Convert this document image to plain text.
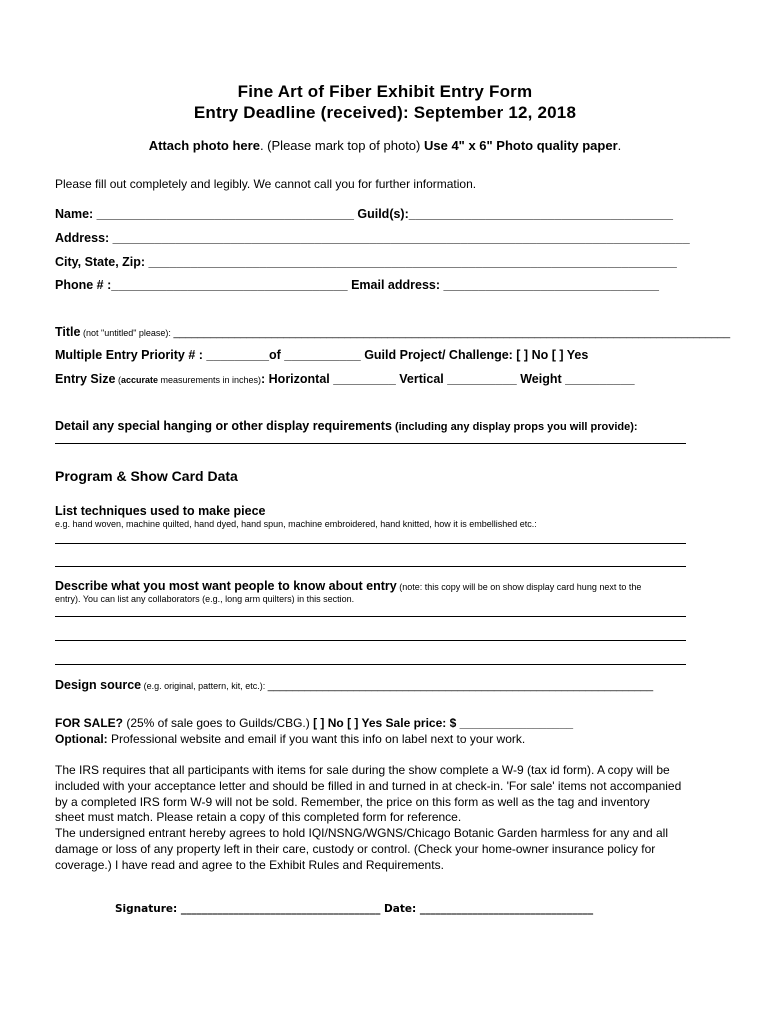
Fine Art of Fiber Exhibit Entry Form
Entry Deadline (received): September 12, 2018
Attach photo here. (Please mark top of photo) Use 4" x 6" Photo quality paper.
Please fill out completely and legibly. We cannot call you for further information.
Name: _____________________________________ Guild(s):______________________________________
Address: ___________________________________________________________________________________
City, State, Zip: ____________________________________________________________________________
Phone # :__________________________________ Email address: _______________________________
Title (not "untitled" please): ___________________________________________________________________________________________
Multiple Entry Priority # : _________of ___________ Guild Project/ Challenge: [ ] No [ ] Yes
Entry Size (accurate measurements in inches): Horizontal _________ Vertical __________ Weight __________
Detail any special hanging or other display requirements (including any display props you will provide):
Program & Show Card Data
List techniques used to make piece
e.g. hand woven, machine quilted, hand dyed, hand spun, machine embroidered, hand knitted, how it is embellished etc.:
Describe what you most want people to know about entry (note: this copy will be on show display card hung next to the
entry). You can list any collaborators (e.g., long arm quilters) in this section.
Design source (e.g. original, pattern, kit, etc.): _______________________________________________________________
FOR SALE? (25% of sale goes to Guilds/CBG.) [ ] No [ ] Yes Sale price: $ _________________
Optional: Professional website and email if you want this info on label next to your work.
The IRS requires that all participants with items for sale during the show complete a W-9 (tax id form). A copy will be
included with your acceptance letter and should be filled in and turned in at check-in. 'For sale' items not accompanied
by a completed IRS form W-9 will not be sold. Remember, the price on this form as well as the tag and inventory
sheet must match. Please retain a copy of this completed form for reference.
The undersigned entrant hereby agrees to hold IQI/NSNG/WGNS/Chicago Botanic Garden harmless for any and all
damage or loss of any property left in their care, custody or control. (Check your home-owner insurance policy for
coverage.) I have read and agree to the Exhibit Rules and Requirements.
Signature: ______________________________________ Date: _________________________________
